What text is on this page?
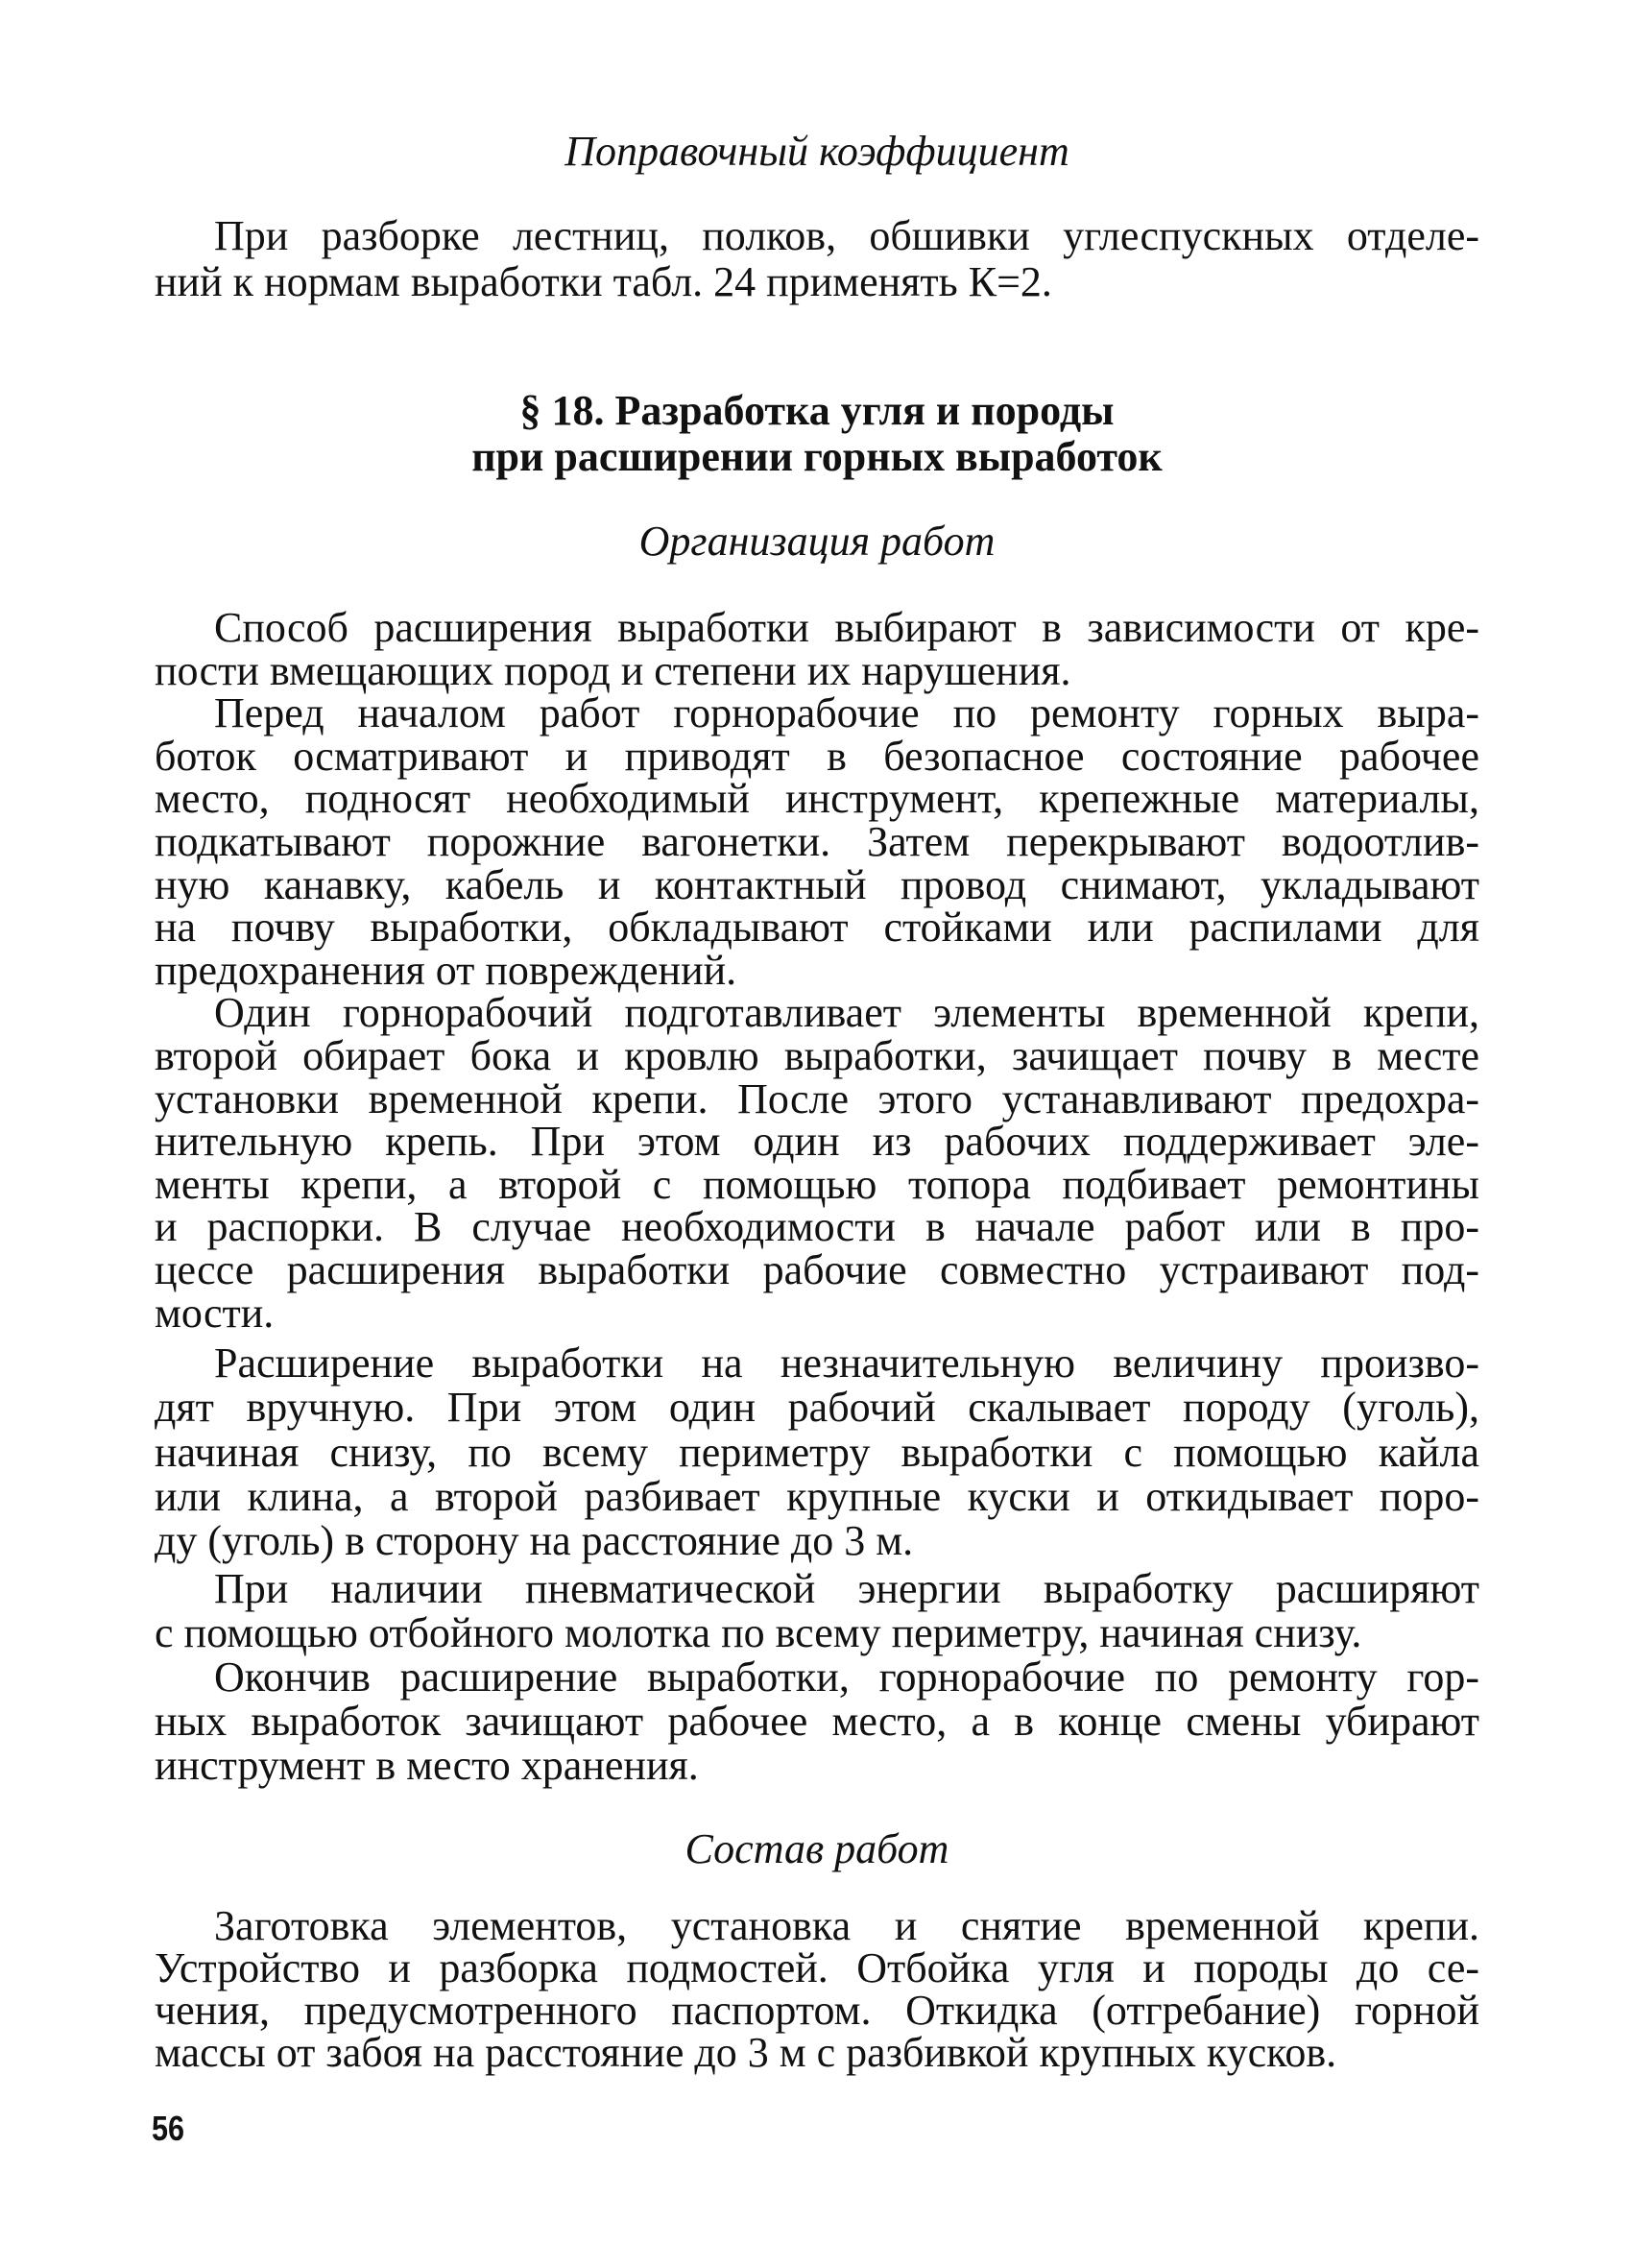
Поправочный коэффициент
При разборке лестниц, полков, обшивки углеспускных отделе-
ний к нормам выработки табл. 24 применять К=2.
§ 18. Разработка угля и породы
при расширении горных выработок
Организация работ
Способ расширения выработки выбирают в зависимости от кре-
пости вмещающих пород и степени их нарушения.
Перед началом работ горнорабочие по ремонту горных выра-
боток осматривают и приводят в безопасное состояние рабочее
место, подносят необходимый инструмент, крепежные материалы,
подкатывают порожние вагонетки. Затем перекрывают водоотлив-
ную канавку, кабель и контактный провод снимают, укладывают
на почву выработки, обкладывают стойками или распилами для
предохранения от повреждений.
Один горнорабочий подготавливает элементы временной крепи,
второй обирает бока и кровлю выработки, зачищает почву в месте
установки временной крепи. После этого устанавливают предохра-
нительную крепь. При этом один из рабочих поддерживает эле-
менты крепи, а второй с помощью топора подбивает ремонтины
и распорки. В случае необходимости в начале работ или в про-
цессе расширения выработки рабочие совместно устраивают под-
мости.
Расширение выработки на незначительную величину произво-
дят вручную. При этом один рабочий скалывает породу (уголь),
начиная снизу, по всему периметру выработки с помощью кайла
или клина, а второй разбивает крупные куски и откидывает поро-
ду (уголь) в сторону на расстояние до 3 м.
При наличии пневматической энергии выработку расширяют
с помощью отбойного молотка по всему периметру, начиная снизу.
Окончив расширение выработки, горнорабочие по ремонту гор-
ных выработок зачищают рабочее место, а в конце смены убирают
инструмент в место хранения.
Состав работ
Заготовка элементов, установка и снятие временной крепи.
Устройство и разборка подмостей. Отбойка угля и породы до се-
чения, предусмотренного паспортом. Откидка (отгребание) горной
массы от забоя на расстояние до 3 м с разбивкой крупных кусков.
56
